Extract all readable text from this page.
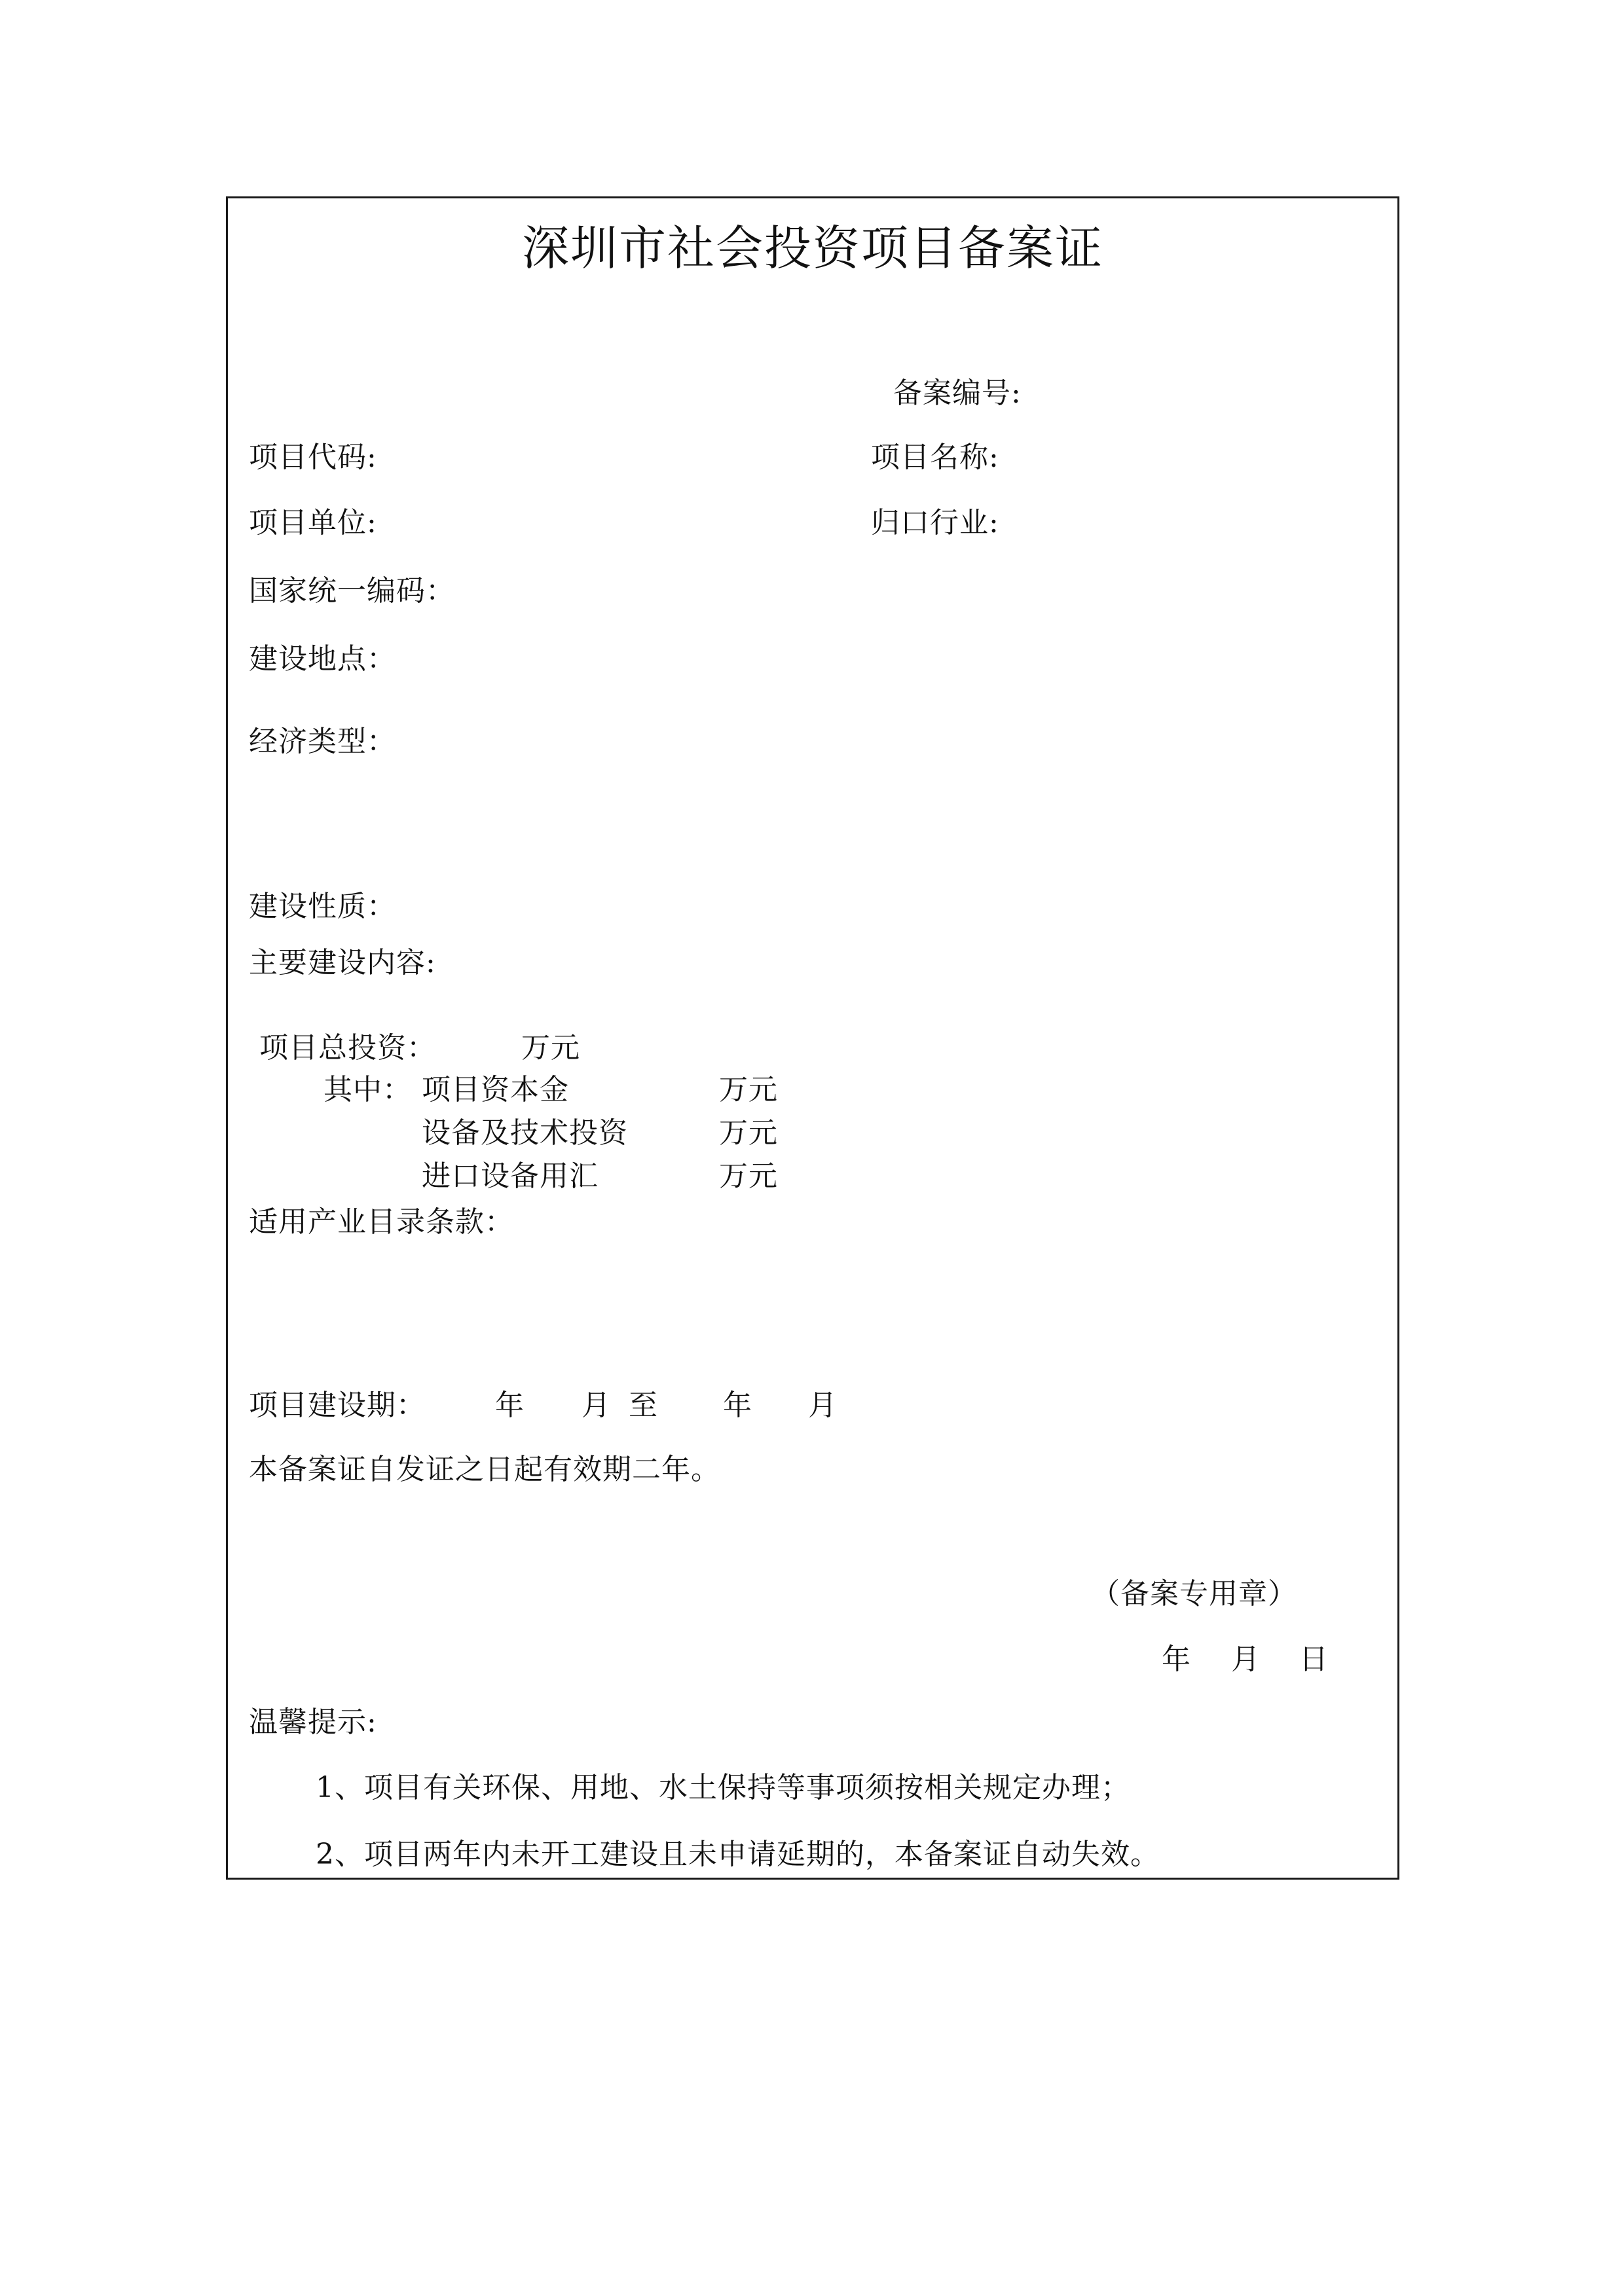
深圳市社会投资项目备案证
备案编号:
项目代码:	项目名称:
项目单位:	归口行业:
国家统一编码：
建设地点：
经济类型：
建设性质：
主要建设内容:
项目总投资：	万元
其中： 项目资本金	万元
设备及技术投资	万元
进口设备用汇	万元
适用产业目录条款：
项目建设期： 年 月 至 年 月
本备案证自发证之日起有效期二年。
（备案专用章）
年 月 日
温馨提示:
1、项目有关环保、用地、水土保持等事项须按相关规定办理；
2、项目两年内未开工建设且未申请延期的，本备案证自动失效。
